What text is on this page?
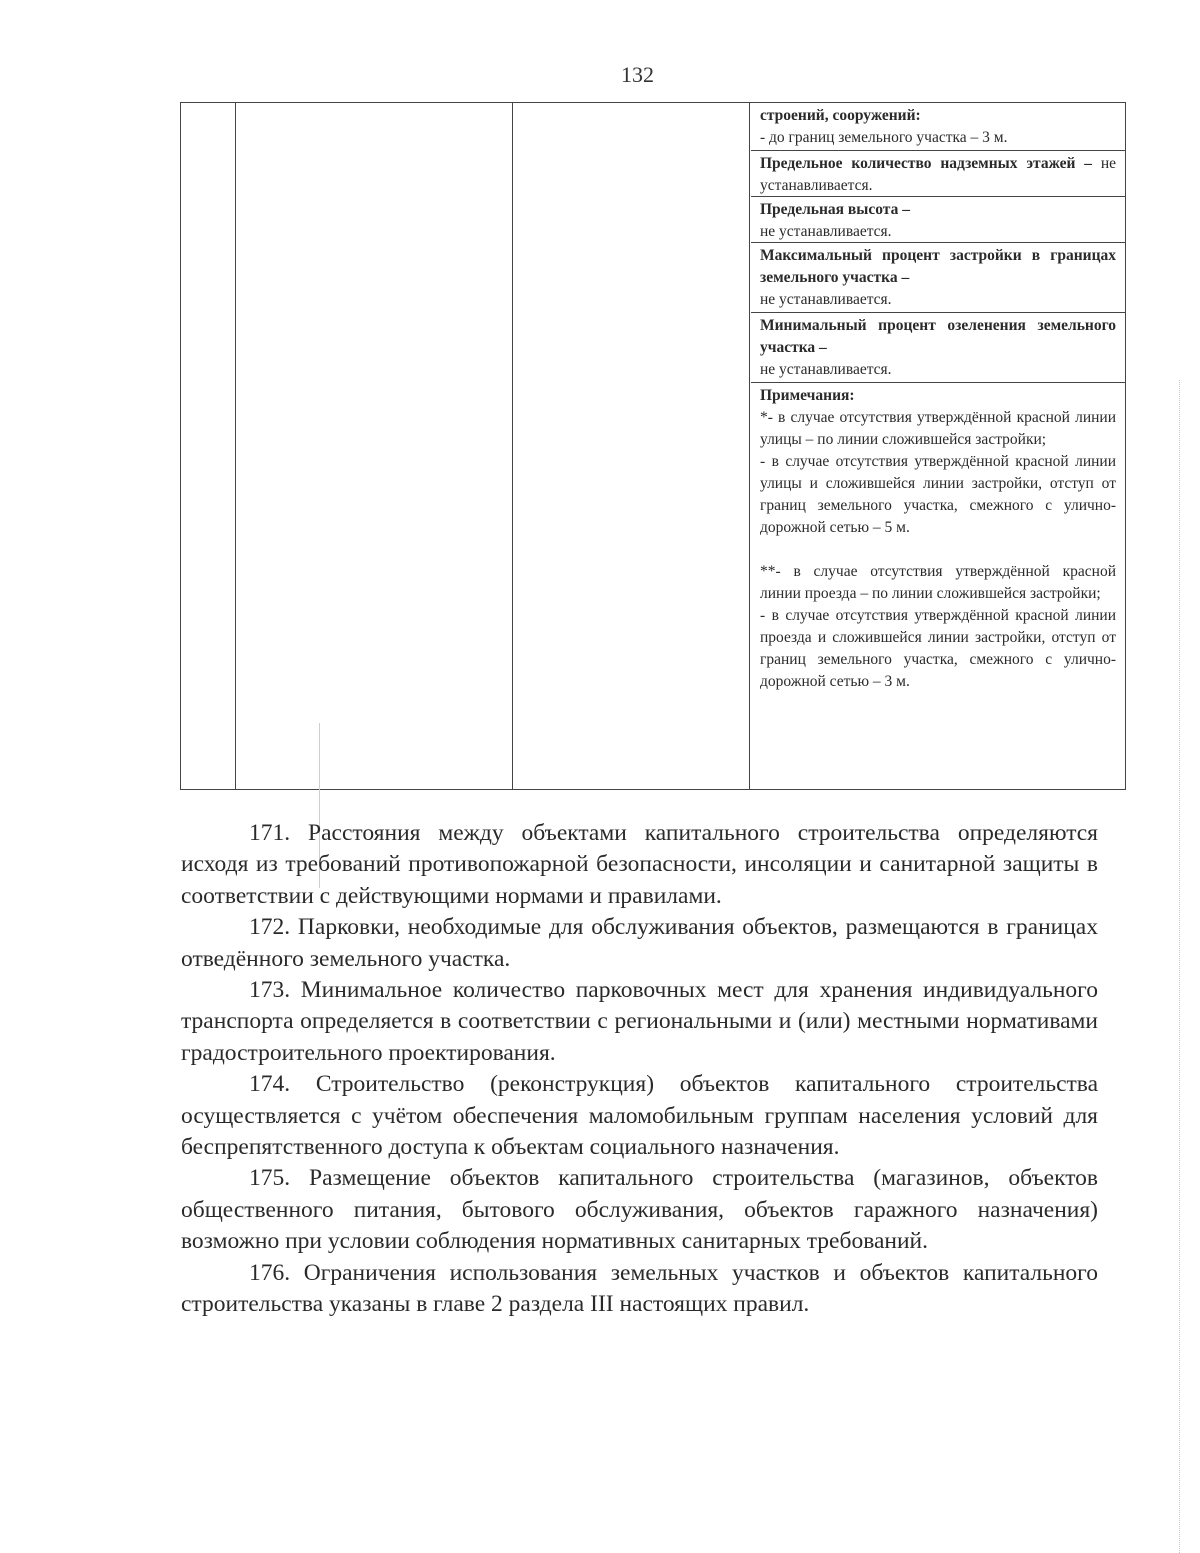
132
строений, сооружений:
- до границ земельного участка – 3 м.
Предельное количество надземных этажей – не устанавливается.
Предельная высота –
не устанавливается.
Максимальный процент застройки в границах земельного участка –
не устанавливается.
Минимальный процент озеленения земельного участка –
не устанавливается.

Примечания:

*- в случае отсутствия утверждённой красной линии улицы – по линии сложившейся застройки;

- в случае отсутствия утверждённой красной линии улицы и сложившейся линии застройки, отступ от границ земельного участка, смежного с улично-дорожной сетью – 5 м.

**- в случае отсутствия утверждённой красной линии проезда – по линии сложившейся застройки;

- в случае отсутствия утверждённой красной линии проезда и сложившейся линии застройки, отступ от границ земельного участка, смежного с улично-дорожной сетью – 3 м.

171. Расстояния между объектами капитального строительства определяются исходя из требований противопожарной безопасности, инсоляции и санитарной защиты в соответствии с действующими нормами и правилами.

172. Парковки, необходимые для обслуживания объектов, размещаются в границах отведённого земельного участка.

173. Минимальное количество парковочных мест для хранения индивидуального транспорта определяется в соответствии с региональными и (или) местными нормативами градостроительного проектирования.

174. Строительство (реконструкция) объектов капитального строительства осуществляется с учётом обеспечения маломобильным группам населения условий для беспрепятственного доступа к объектам социального назначения.

175. Размещение объектов капитального строительства (магазинов, объектов общественного питания, бытового обслуживания, объектов гаражного назначения) возможно при условии соблюдения нормативных санитарных требований.

176. Ограничения использования земельных участков и объектов капитального строительства указаны в главе 2 раздела III настоящих правил.
